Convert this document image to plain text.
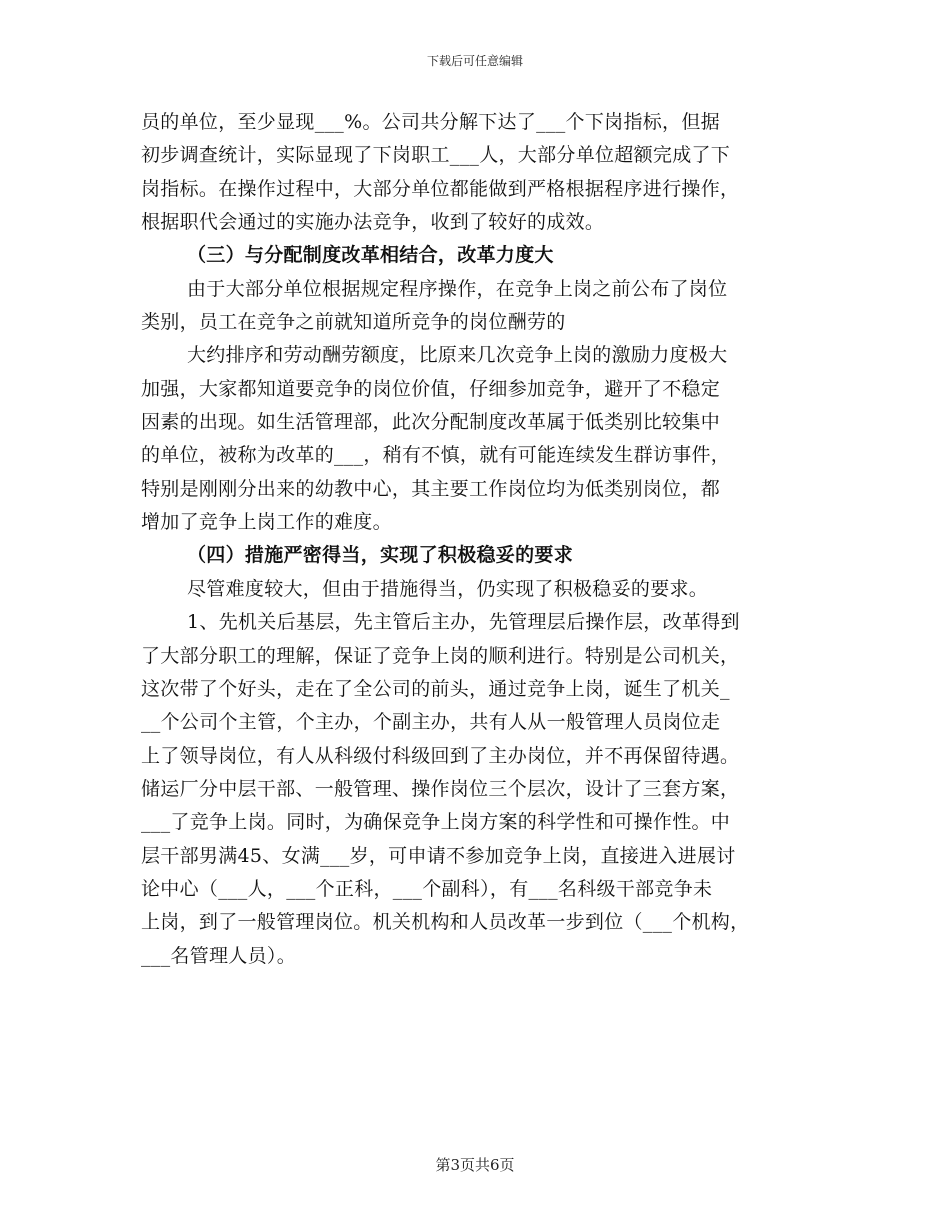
下载后可任意编辑
员的单位，至少显现___%。公司共分解下达了___个下岗指标，但据
初步调查统计，实际显现了下岗职工___人，大部分单位超额完成了下
岗指标。在操作过程中，大部分单位都能做到严格根据程序进行操作，
根据职代会通过的实施办法竞争，收到了较好的成效。
（三）与分配制度改革相结合，改革力度大
由于大部分单位根据规定程序操作，在竞争上岗之前公布了岗位
类别，员工在竞争之前就知道所竞争的岗位酬劳的
大约排序和劳动酬劳额度，比原来几次竞争上岗的激励力度极大
加强，大家都知道要竞争的岗位价值，仔细参加竞争，避开了不稳定
因素的出现。如生活管理部，此次分配制度改革属于低类别比较集中
的单位，被称为改革的___，稍有不慎，就有可能连续发生群访事件，
特别是刚刚分出来的幼教中心，其主要工作岗位均为低类别岗位，都
增加了竞争上岗工作的难度。
（四）措施严密得当，实现了积极稳妥的要求
尽管难度较大，但由于措施得当，仍实现了积极稳妥的要求。
1、先机关后基层，先主管后主办，先管理层后操作层，改革得到
了大部分职工的理解，保证了竞争上岗的顺利进行。特别是公司机关，
这次带了个好头，走在了全公司的前头，通过竞争上岗，诞生了机关_
__个公司个主管，个主办，个副主办，共有人从一般管理人员岗位走
上了领导岗位，有人从科级付科级回到了主办岗位，并不再保留待遇。
储运厂分中层干部、一般管理、操作岗位三个层次，设计了三套方案，
___了竞争上岗。同时，为确保竞争上岗方案的科学性和可操作性。中
层干部男满45、女满___岁，可申请不参加竞争上岗，直接进入进展讨
论中心（___人，___个正科，___个副科），有___名科级干部竞争未
上岗，到了一般管理岗位。机关机构和人员改革一步到位（___个机构，
___名管理人员）。
第3页共6页
